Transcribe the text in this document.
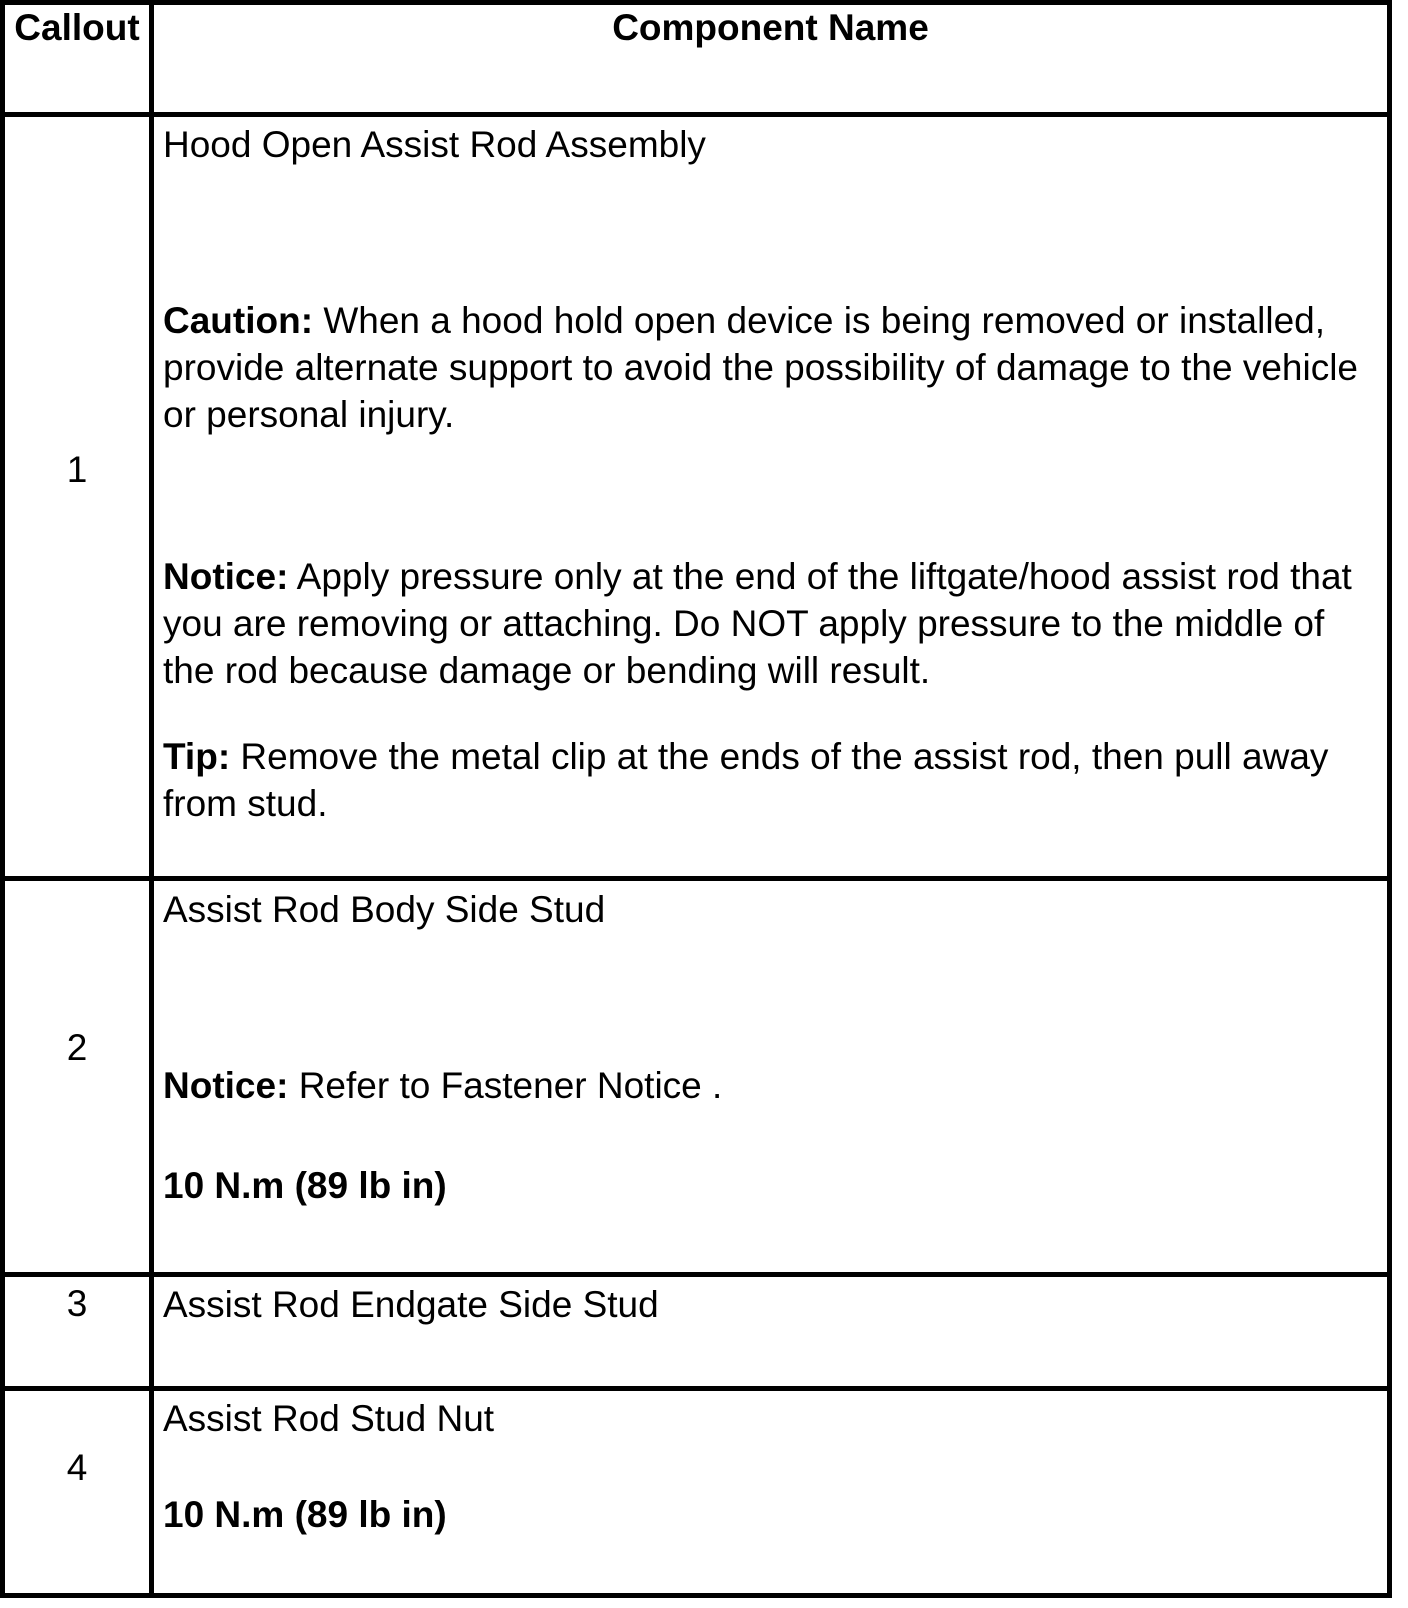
Callout	Component Name
1

Hood Open Assist Rod Assembly

Caution: When a hood hold open device is being removed or installed, provide alternate support to avoid the possibility of damage to the vehicle or personal injury.

Notice: Apply pressure only at the end of the liftgate/hood assist rod that you are removing or attaching. Do NOT apply pressure to the middle of the rod because damage or bending will result.

Tip: Remove the metal clip at the ends of the assist rod, then pull away from stud.

2

Assist Rod Body Side Stud

Notice: Refer to Fastener Notice .

10 N.m (89 lb in)

3	Assist Rod Endgate Side Stud

4

Assist Rod Stud Nut

10 N.m (89 lb in)
